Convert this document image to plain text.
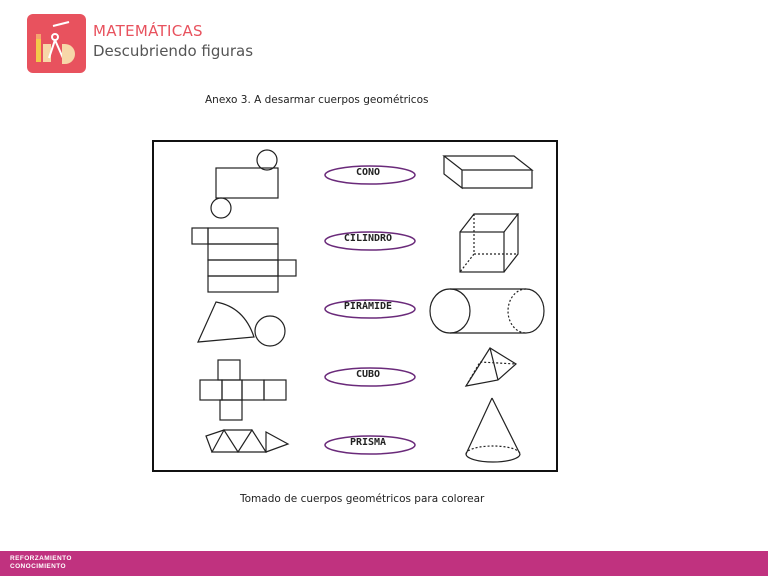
MATEMÁTICAS
Descubriendo figuras
Anexo 3. A desarmar cuerpos geométricos
CONO
CILINDRO
PIRÁMIDE
CUBO
PRISMA
Tomado de cuerpos geométricos para colorear
REFORZAMIENTO
CONOCIMIENTO
